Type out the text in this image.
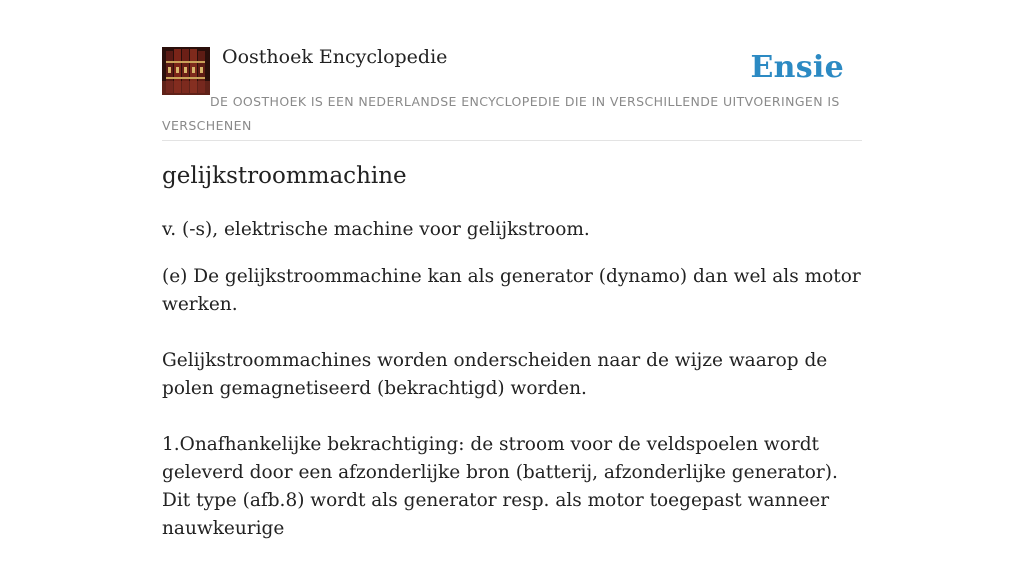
Oosthoek Encyclopedie	Ensie
DE OOSTHOEK IS EEN NEDERLANDSE ENCYCLOPEDIE DIE IN VERSCHILLENDE UITVOERINGEN IS VERSCHENEN
gelijkstroommachine

v. (-s), elektrische machine voor gelijkstroom.

(e) De gelijkstroommachine kan als generator (dynamo) dan wel als motor werken.

Gelijkstroommachines worden onderscheiden naar de wijze waarop de polen gemagnetiseerd (bekrachtigd) worden.

1.Onafhankelijke bekrachtiging: de stroom voor de veldspoelen wordt geleverd door een afzonderlijke bron (batterij, afzonderlijke generator). Dit type (afb.8) wordt als generator resp. als motor toegepast wanneer nauwkeurige
